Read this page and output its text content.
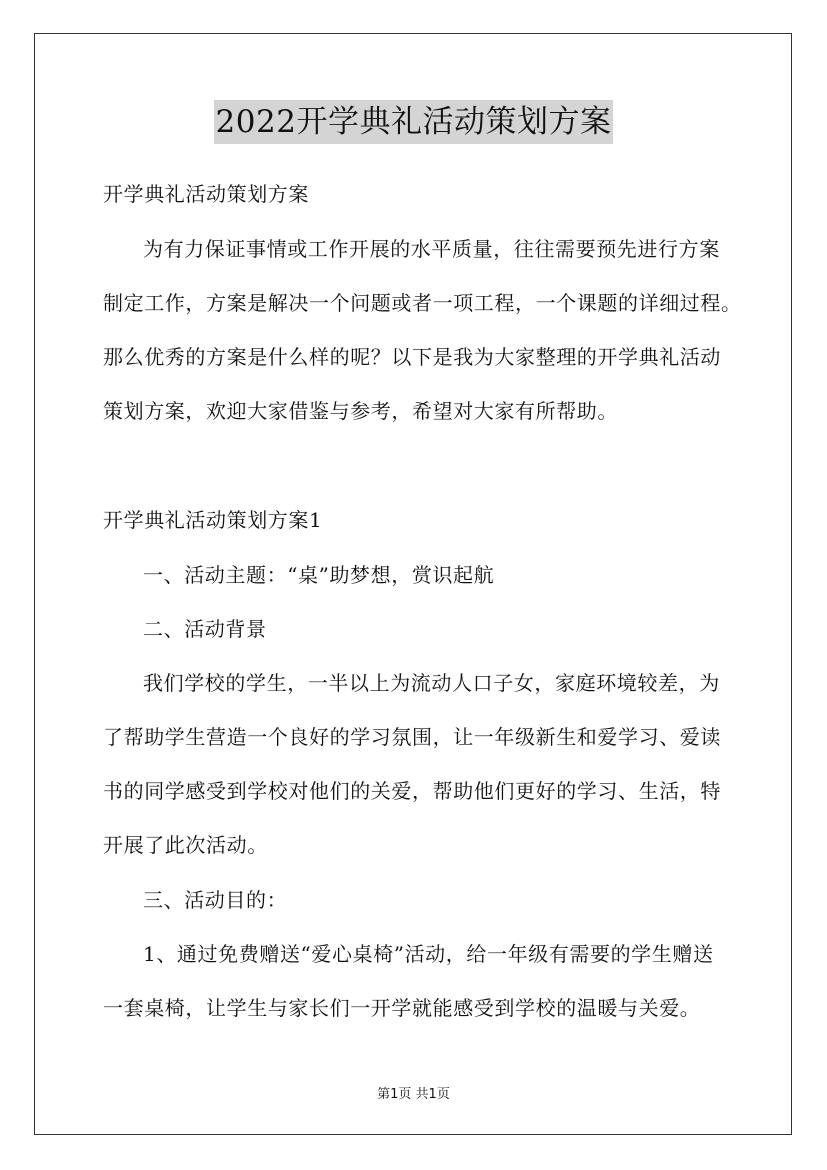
2022开学典礼活动策划方案
开学典礼活动策划方案
为有力保证事情或工作开展的水平质量，往往需要预先进行方案
制定工作，方案是解决一个问题或者一项工程，一个课题的详细过程。
那么优秀的方案是什么样的呢？以下是我为大家整理的开学典礼活动
策划方案，欢迎大家借鉴与参考，希望对大家有所帮助。
开学典礼活动策划方案1
一、活动主题：“桌”助梦想，赏识起航
二、活动背景
我们学校的学生，一半以上为流动人口子女，家庭环境较差，为
了帮助学生营造一个良好的学习氛围，让一年级新生和爱学习、爱读
书的同学感受到学校对他们的关爱，帮助他们更好的学习、生活，特
开展了此次活动。
三、活动目的：
1、通过免费赠送“爱心桌椅”活动，给一年级有需要的学生赠送
一套桌椅，让学生与家长们一开学就能感受到学校的温暖与关爱。
第1页 共1页
